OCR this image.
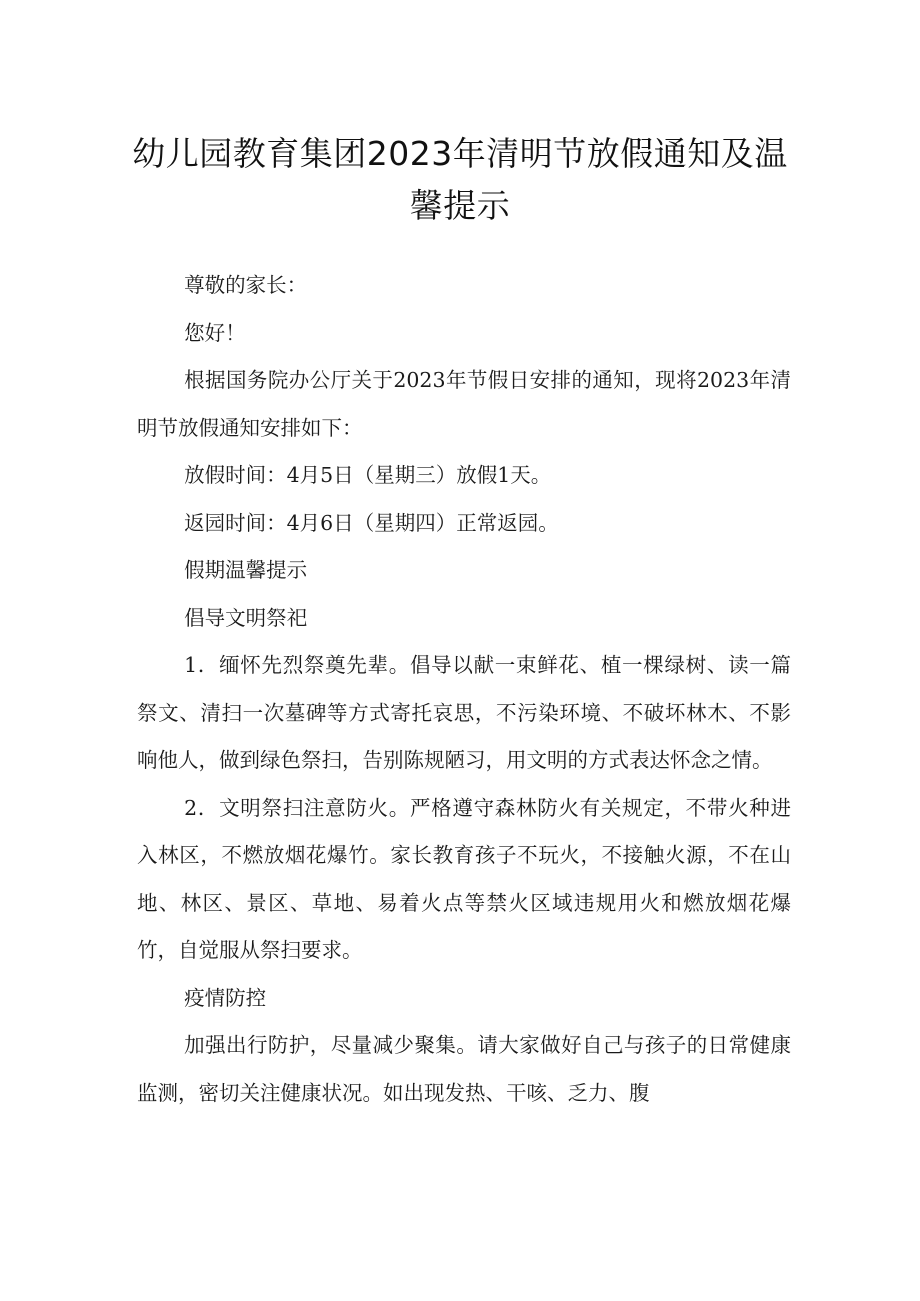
幼儿园教育集团2023年清明节放假通知及温馨提示

尊敬的家长：

您好！

根据国务院办公厅关于2023年节假日安排的通知，现将2023年清明节放假通知安排如下：

放假时间：4月5日（星期三）放假1天。

返园时间：4月6日（星期四）正常返园。

假期温馨提示

倡导文明祭祀

1．缅怀先烈祭奠先辈。倡导以献一束鲜花、植一棵绿树、读一篇祭文、清扫一次墓碑等方式寄托哀思，不污染环境、不破坏林木、不影响他人，做到绿色祭扫，告别陈规陋习，用文明的方式表达怀念之情。

2．文明祭扫注意防火。严格遵守森林防火有关规定，不带火种进入林区，不燃放烟花爆竹。家长教育孩子不玩火，不接触火源，不在山地、林区、景区、草地、易着火点等禁火区域违规用火和燃放烟花爆竹，自觉服从祭扫要求。

疫情防控

加强出行防护，尽量减少聚集。请大家做好自己与孩子的日常健康监测，密切关注健康状况。如出现发热、干咳、乏力、腹
